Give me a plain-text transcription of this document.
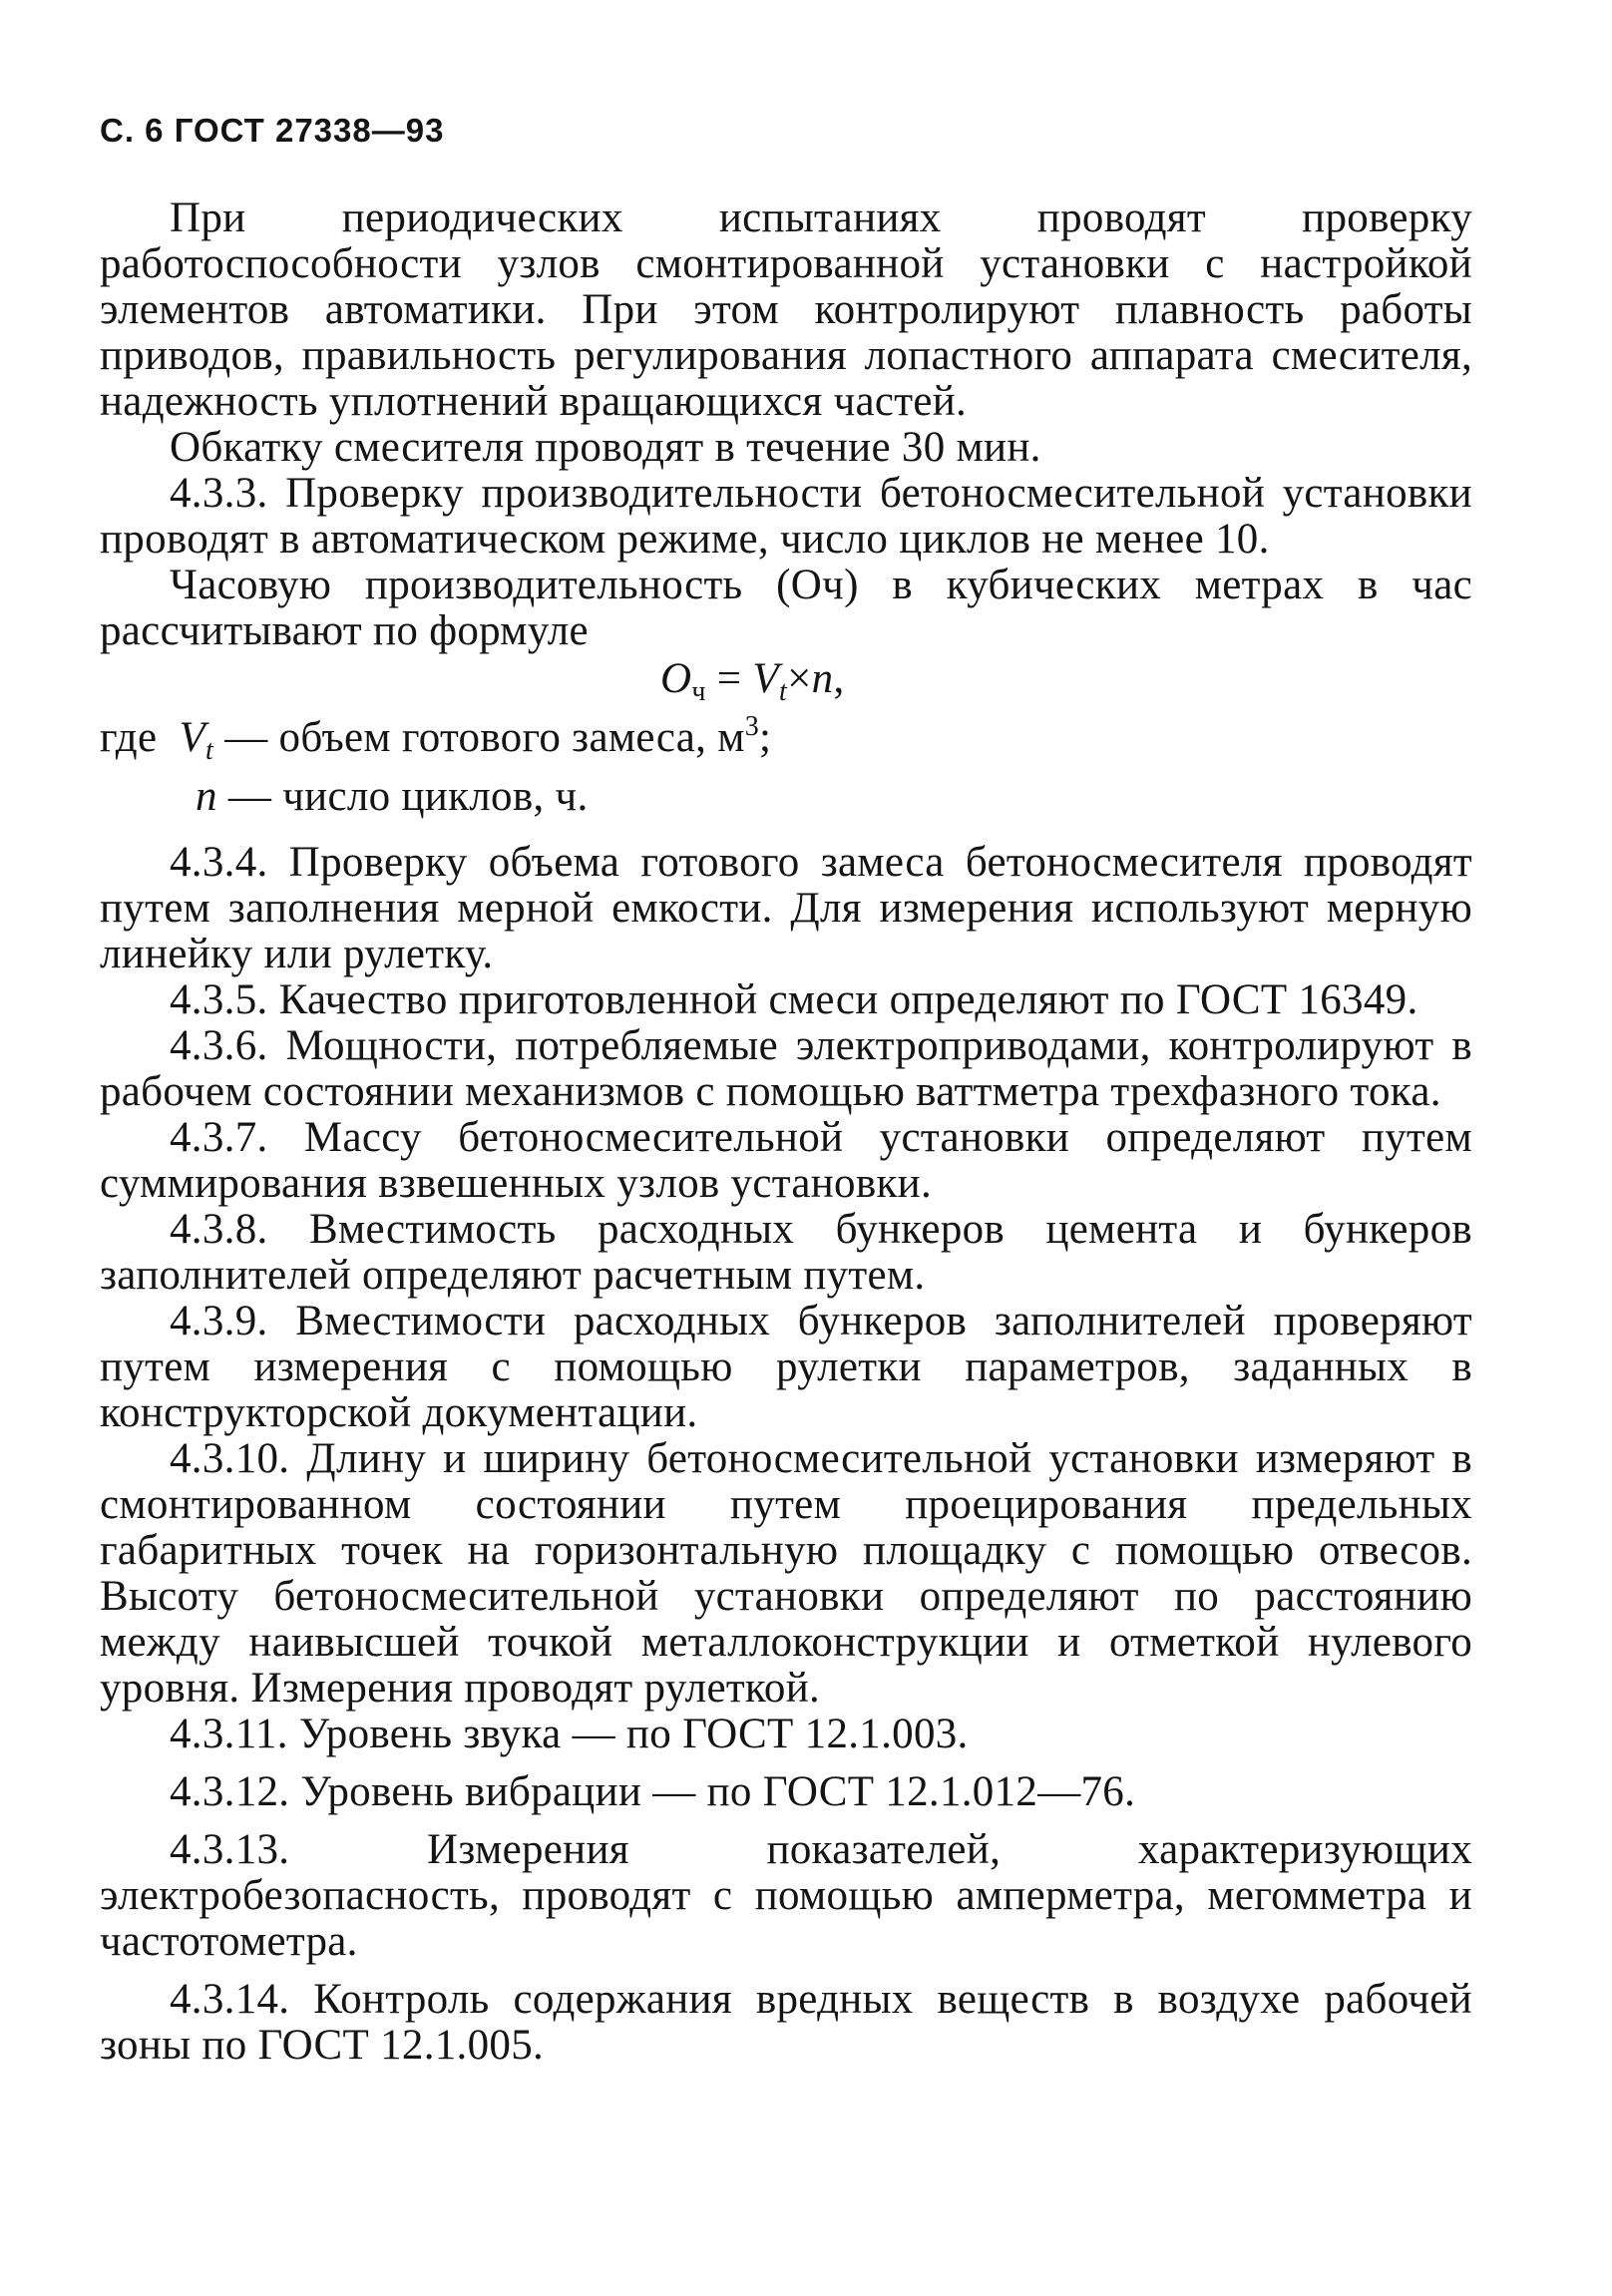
С. 6 ГОСТ 27338—93

При периодических испытаниях проводят проверку работоспособности узлов смонтированной установки с настройкой элементов автоматики. При этом контролируют плавность работы приводов, правильность регулирования лопастного аппарата смесителя, надежность уплотнений вращающихся частей.

Обкатку смесителя проводят в течение 30 мин.

4.3.3. Проверку производительности бетоносмесительной установки проводят в автоматическом режиме, число циклов не менее 10.

Часовую производительность (Oч) в кубических метрах в час рассчитывают по формуле

$O_ч = Vt\times n$,

где Vt — объем готового замеса, $м^3$;

n — число циклов, ч.

4.3.4. Проверку объема готового замеса бетоносмесителя проводят путем заполнения мерной емкости. Для измерения используют мерную линейку или рулетку.

4.3.5. Качество приготовленной смеси определяют по ГОСТ 16349.

4.3.6. Мощности, потребляемые электроприводами, контролируют в рабочем состоянии механизмов с помощью ваттметра трехфазного тока.

4.3.7. Массу бетоносмесительной установки определяют путем суммирования взвешенных узлов установки.

4.3.8. Вместимость расходных бункеров цемента и бункеров заполнителей определяют расчетным путем.

4.3.9. Вместимости расходных бункеров заполнителей проверяют путем измерения с помощью рулетки параметров, заданных в конструкторской документации.

4.3.10. Длину и ширину бетоносмесительной установки измеряют в смонтированном состоянии путем проецирования предельных габаритных точек на горизонтальную площадку с помощью отвесов. Высоту бетоносмесительной установки определяют по расстоянию между наивысшей точкой металлоконструкции и отметкой нулевого уровня. Измерения проводят рулеткой.

4.3.11. Уровень звука — по ГОСТ 12.1.003.

4.3.12. Уровень вибрации — по ГОСТ 12.1.012—76.

4.3.13. Измерения показателей, характеризующих электробезопасность, проводят с помощью амперметра, мегомметра и частотометра.

4.3.14. Контроль содержания вредных веществ в воздухе рабочей зоны по ГОСТ 12.1.005.
